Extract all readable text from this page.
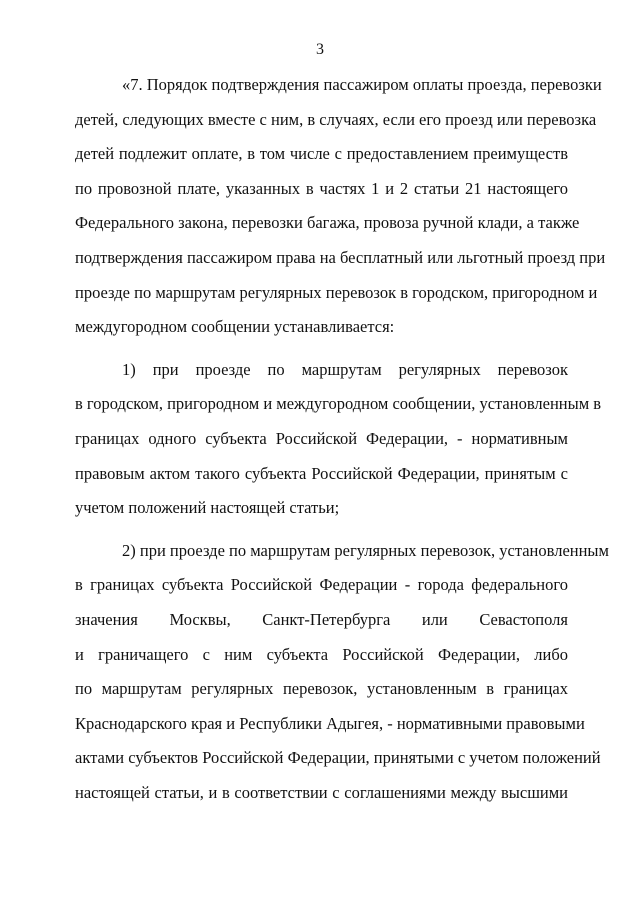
3
«7. Порядок подтверждения пассажиром оплаты проезда, перевозки
детей, следующих вместе с ним, в случаях, если его проезд или перевозка
детей подлежит оплате, в том числе с предоставлением преимуществ
по провозной плате, указанных в частях 1 и 2 статьи 21 настоящего
Федерального закона, перевозки багажа, провоза ручной клади, а также
подтверждения пассажиром права на бесплатный или льготный проезд при
проезде по маршрутам регулярных перевозок в городском, пригородном и
междугородном сообщении устанавливается:
1) при проезде по маршрутам регулярных перевозок
в городском, пригородном и междугородном сообщении, установленным в
границах одного субъекта Российской Федерации, - нормативным
правовым актом такого субъекта Российской Федерации, принятым с
учетом положений настоящей статьи;
2) при проезде по маршрутам регулярных перевозок, установленным
в границах субъекта Российской Федерации - города федерального
значения Москвы, Санкт-Петербурга или Севастополя
и граничащего с ним субъекта Российской Федерации, либо
по маршрутам регулярных перевозок, установленным в границах
Краснодарского края и Республики Адыгея, - нормативными правовыми
актами субъектов Российской Федерации, принятыми с учетом положений
настоящей статьи, и в соответствии с соглашениями между высшими
